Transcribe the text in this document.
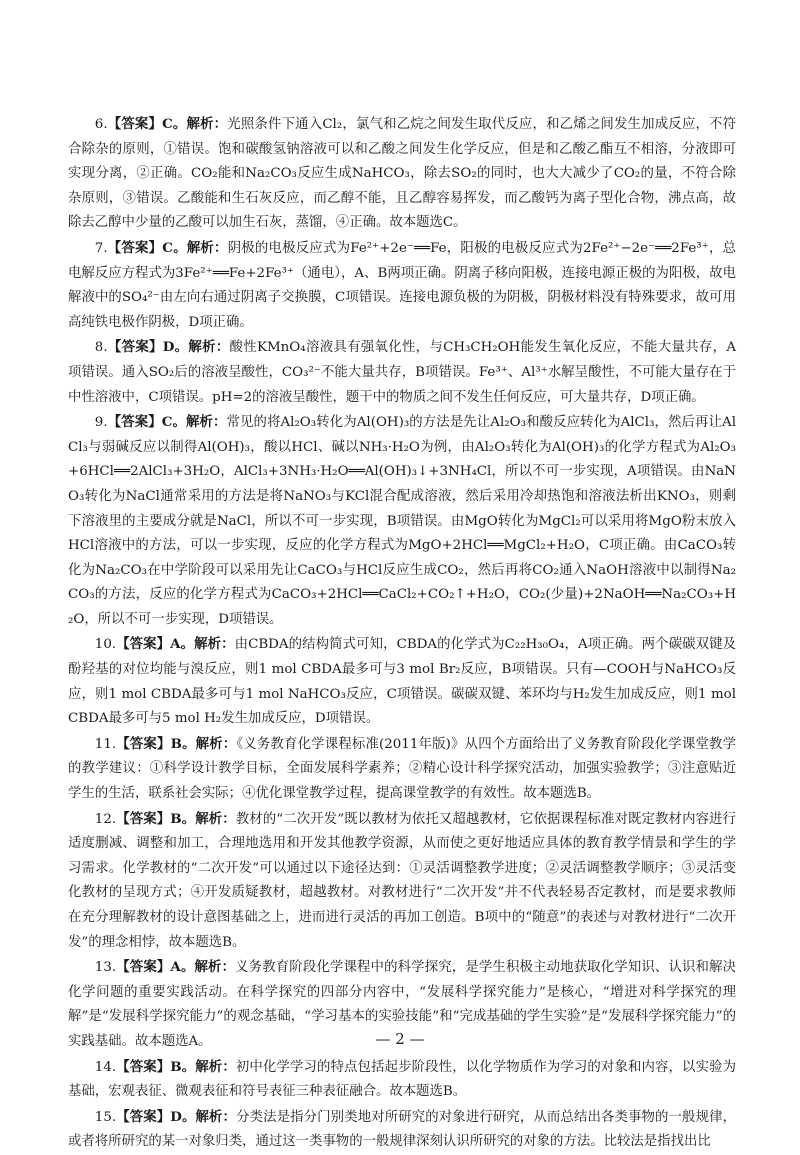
6.【答案】C。解析：光照条件下通入Cl₂，氯气和乙烷之间发生取代反应，和乙烯之间发生加成反应，不符合除杂的原则，①错误。饱和碳酸氢钠溶液可以和乙酸之间发生化学反应，但是和乙酸乙酯互不相溶，分液即可实现分离，②正确。CO₂能和Na₂CO₃反应生成NaHCO₃，除去SO₂的同时，也大大减少了CO₂的量，不符合除杂原则，③错误。乙酸能和生石灰反应，而乙醇不能，且乙醇容易挥发，而乙酸钙为离子型化合物，沸点高，故除去乙醇中少量的乙酸可以加生石灰，蒸馏，④正确。故本题选C。

7.【答案】C。解析：阴极的电极反应式为Fe²⁺+2e⁻══Fe，阳极的电极反应式为2Fe²⁺−2e⁻══2Fe³⁺，总电解反应方程式为3Fe²⁺══Fe+2Fe³⁺（通电），A、B两项正确。阴离子移向阳极，连接电源正极的为阳极，故电解液中的SO₄²⁻由左向右通过阴离子交换膜，C项错误。连接电源负极的为阴极，阴极材料没有特殊要求，故可用高纯铁电极作阴极，D项正确。

8.【答案】D。解析：酸性KMnO₄溶液具有强氧化性，与CH₃CH₂OH能发生氧化反应，不能大量共存，A项错误。通入SO₂后的溶液呈酸性，CO₃²⁻不能大量共存，B项错误。Fe³⁺、Al³⁺水解呈酸性，不可能大量存在于中性溶液中，C项错误。pH=2的溶液呈酸性，题干中的物质之间不发生任何反应，可大量共存，D项正确。

9.【答案】C。解析：常见的将Al₂O₃转化为Al(OH)₃的方法是先让Al₂O₃和酸反应转化为AlCl₃，然后再让AlCl₃与弱碱反应以制得Al(OH)₃，酸以HCl、碱以NH₃·H₂O为例，由Al₂O₃转化为Al(OH)₃的化学方程式为Al₂O₃+6HCl══2AlCl₃+3H₂O，AlCl₃+3NH₃·H₂O══Al(OH)₃↓+3NH₄Cl，所以不可一步实现，A项错误。由NaNO₃转化为NaCl通常采用的方法是将NaNO₃与KCl混合配成溶液，然后采用冷却热饱和溶液法析出KNO₃，则剩下溶液里的主要成分就是NaCl，所以不可一步实现，B项错误。由MgO转化为MgCl₂可以采用将MgO粉末放入HCl溶液中的方法，可以一步实现，反应的化学方程式为MgO+2HCl══MgCl₂+H₂O，C项正确。由CaCO₃转化为Na₂CO₃在中学阶段可以采用先让CaCO₃与HCl反应生成CO₂，然后再将CO₂通入NaOH溶液中以制得Na₂CO₃的方法，反应的化学方程式为CaCO₃+2HCl══CaCl₂+CO₂↑+H₂O，CO₂(少量)+2NaOH══Na₂CO₃+H₂O，所以不可一步实现，D项错误。

10.【答案】A。解析：由CBDA的结构简式可知，CBDA的化学式为C₂₂H₃₀O₄，A项正确。两个碳碳双键及酚羟基的对位均能与溴反应，则1 mol CBDA最多可与3 mol Br₂反应，B项错误。只有—COOH与NaHCO₃反应，则1 mol CBDA最多可与1 mol NaHCO₃反应，C项错误。碳碳双键、苯环均与H₂发生加成反应，则1 mol CBDA最多可与5 mol H₂发生加成反应，D项错误。

11.【答案】B。解析：《义务教育化学课程标准(2011年版)》从四个方面给出了义务教育阶段化学课堂教学的教学建议：①科学设计教学目标，全面发展科学素养；②精心设计科学探究活动，加强实验教学；③注意贴近学生的生活，联系社会实际；④优化课堂教学过程，提高课堂教学的有效性。故本题选B。

12.【答案】B。解析：教材的“二次开发”既以教材为依托又超越教材，它依据课程标准对既定教材内容进行适度删减、调整和加工，合理地选用和开发其他教学资源，从而使之更好地适应具体的教育教学情景和学生的学习需求。化学教材的“二次开发”可以通过以下途径达到：①灵活调整教学进度；②灵活调整教学顺序；③灵活变化教材的呈现方式；④开发质疑教材，超越教材。对教材进行“二次开发”并不代表轻易否定教材，而是要求教师在充分理解教材的设计意图基础之上，进而进行灵活的再加工创造。B项中的“随意”的表述与对教材进行“二次开发”的理念相悖，故本题选B。

13.【答案】A。解析：义务教育阶段化学课程中的科学探究，是学生积极主动地获取化学知识、认识和解决化学问题的重要实践活动。在科学探究的四部分内容中，“发展科学探究能力”是核心，“增进对科学探究的理解”是“发展科学探究能力”的观念基础，“学习基本的实验技能”和“完成基础的学生实验”是“发展科学探究能力”的实践基础。故本题选A。

14.【答案】B。解析：初中化学学习的特点包括起步阶段性，以化学物质作为学习的对象和内容，以实验为基础，宏观表征、微观表征和符号表征三种表征融合。故本题选B。

15.【答案】D。解析：分类法是指分门别类地对所研究的对象进行研究，从而总结出各类事物的一般规律，或者将所研究的某一对象归类，通过这一类事物的一般规律深刻认识所研究的对象的方法。比较法是指找出比

— 2 —
